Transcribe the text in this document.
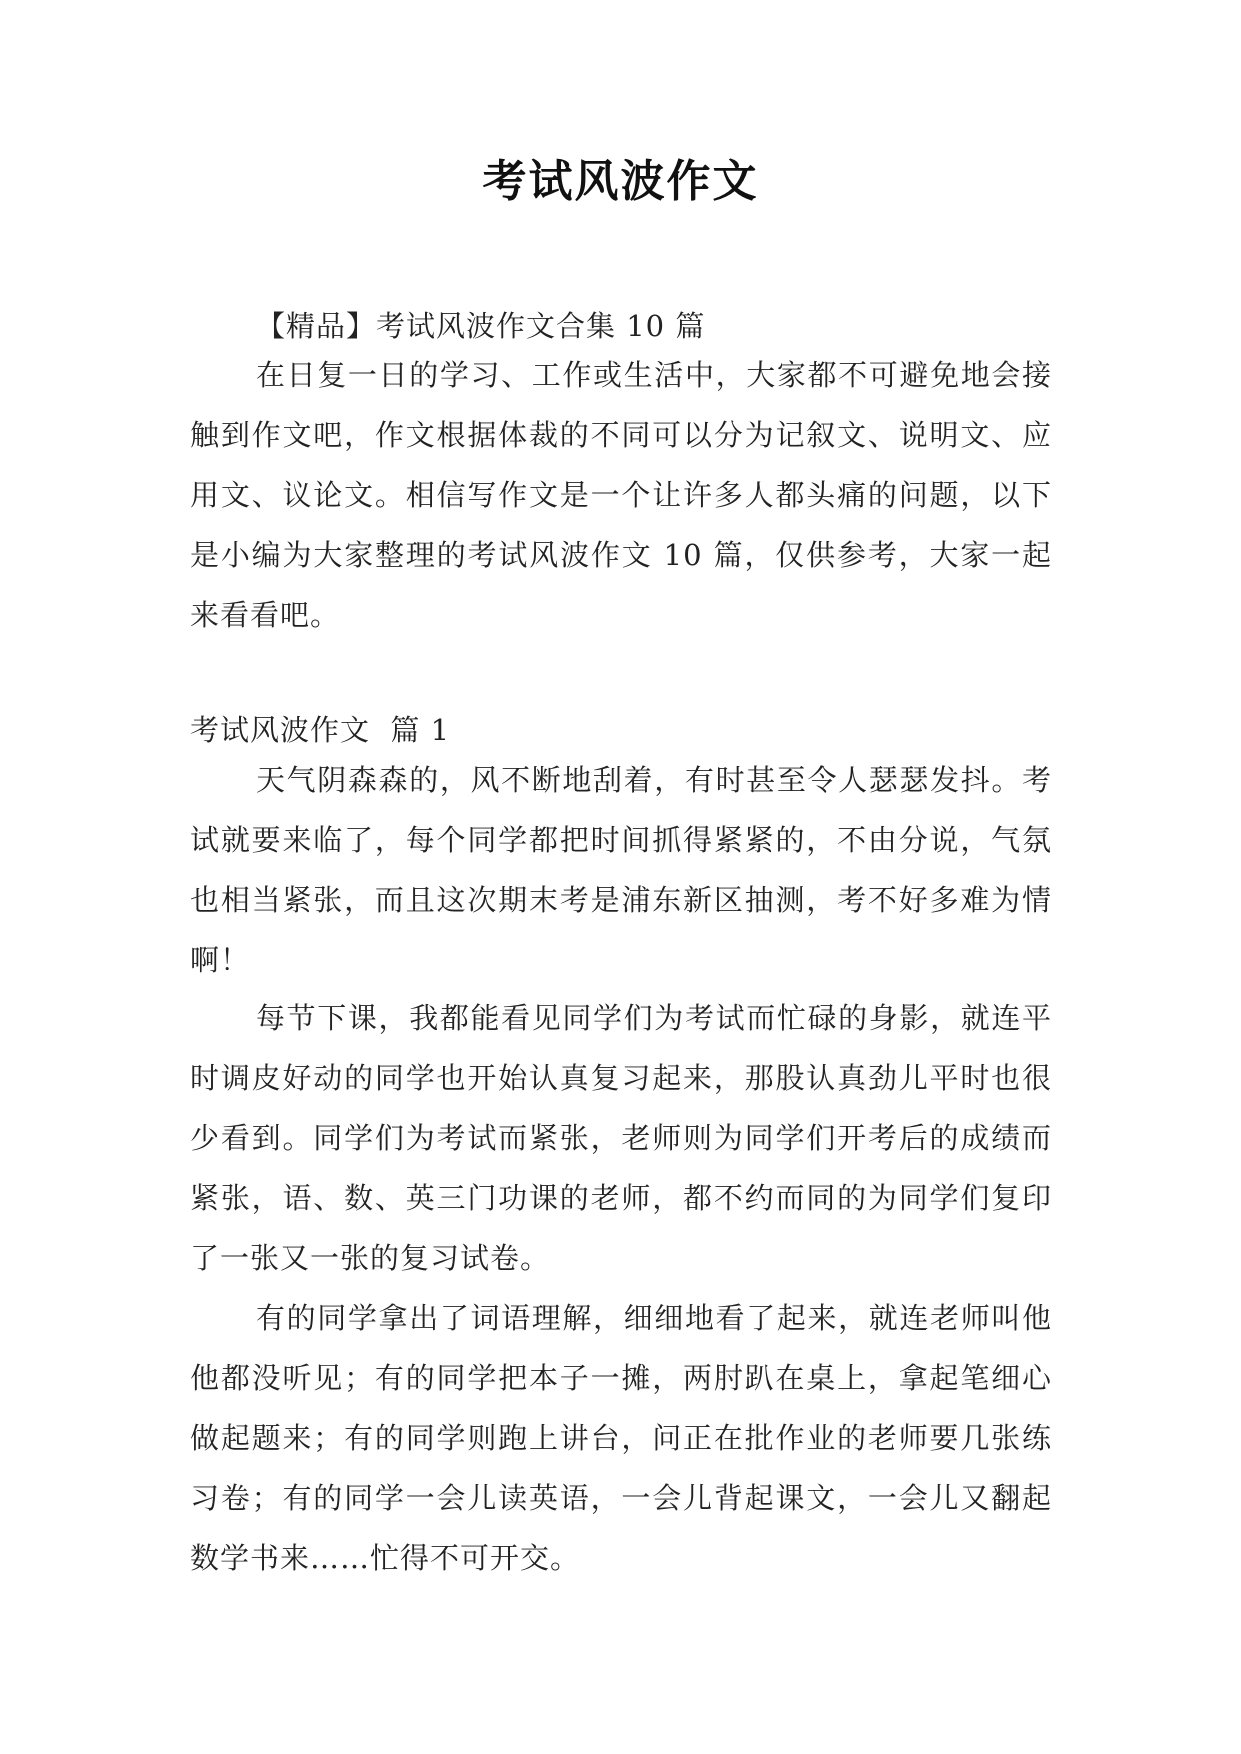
考试风波作文

【精品】考试风波作文合集 10 篇

在日复一日的学习、工作或生活中，大家都不可避免地会接触到作文吧，作文根据体裁的不同可以分为记叙文、说明文、应用文、议论文。相信写作文是一个让许多人都头痛的问题，以下是小编为大家整理的考试风波作文 10 篇，仅供参考，大家一起来看看吧。

考试风波作文  篇 1

天气阴森森的，风不断地刮着，有时甚至令人瑟瑟发抖。考试就要来临了，每个同学都把时间抓得紧紧的，不由分说，气氛也相当紧张，而且这次期末考是浦东新区抽测，考不好多难为情啊！

每节下课，我都能看见同学们为考试而忙碌的身影，就连平时调皮好动的同学也开始认真复习起来，那股认真劲儿平时也很少看到。同学们为考试而紧张，老师则为同学们开考后的成绩而紧张，语、数、英三门功课的老师，都不约而同的为同学们复印了一张又一张的复习试卷。

有的同学拿出了词语理解，细细地看了起来，就连老师叫他他都没听见；有的同学把本子一摊，两肘趴在桌上，拿起笔细心做起题来；有的同学则跑上讲台，问正在批作业的老师要几张练习卷；有的同学一会儿读英语，一会儿背起课文，一会儿又翻起数学书来……忙得不可开交。
